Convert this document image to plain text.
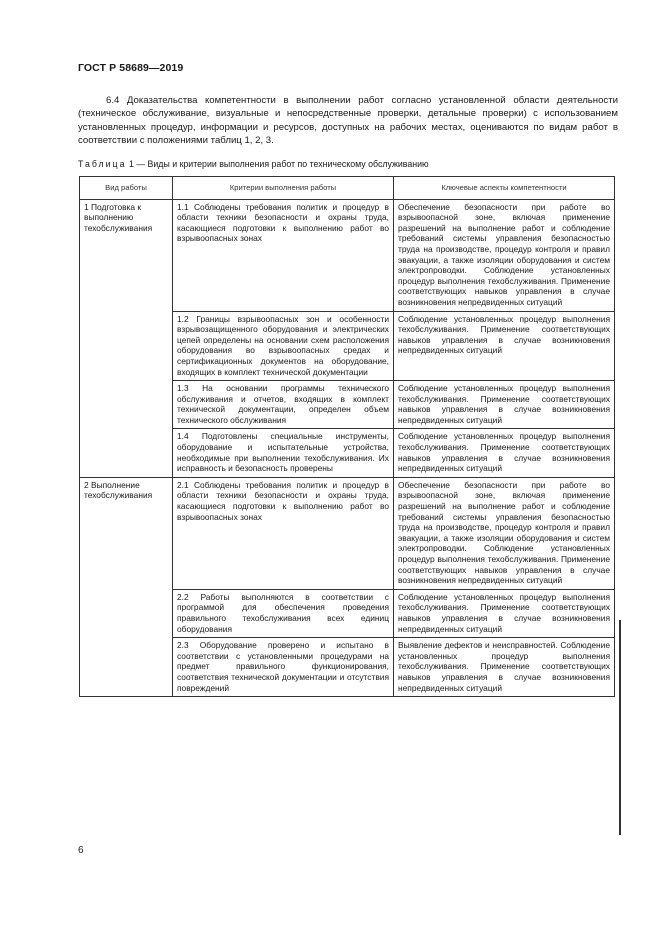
ГОСТ Р 58689—2019

6.4 Доказательства компетентности в выполнении работ согласно установленной области деятельности (техническое обслуживание, визуальные и непосредственные проверки, детальные проверки) с использованием установленных процедур, информации и ресурсов, доступных на рабочих местах, оцениваются по видам работ в соответствии с положениями таблиц 1, 2, 3.

Таблица 1 — Виды и критерии выполнения работ по техническому обслуживанию
Вид работы	Критерии выполнения работы	Ключевые аспекты компетентности
1 Подготовка к выполнению техобслуживания	1.1 Соблюдены требования политик и процедур в области техники безопасности и охраны труда, касающиеся подготовки к выполнению работ во взрывоопасных зонах	Обеспечение безопасности при работе во взрывоопасной зоне, включая применение разрешений на выполнение работ и соблюдение требований системы управления безопасностью труда на производстве, процедур контроля и правил эвакуации, а также изоляции оборудования и систем электропроводки. Соблюдение установленных процедур выполнения техобслуживания. Применение соответствующих навыков управления в случае возникновения непредвиденных ситуаций
	1.2 Границы взрывоопасных зон и особенности взрывозащищенного оборудования и электрических цепей определены на основании схем расположения оборудования во взрывоопасных средах и сертификационных документов на оборудование, входящих в комплект технической документации	Соблюдение установленных процедур выполнения техобслуживания. Применение соответствующих навыков управления в случае возникновения непредвиденных ситуаций
	1.3 На основании программы технического обслуживания и отчетов, входящих в комплект технической документации, определен объем технического обслуживания	Соблюдение установленных процедур выполнения техобслуживания. Применение соответствующих навыков управления в случае возникновения непредвиденных ситуаций
	1.4 Подготовлены специальные инструменты, оборудование и испытательные устройства, необходимые при выполнении техобслуживания. Их исправность и безопасность проверены	Соблюдение установленных процедур выполнения техобслуживания. Применение соответствующих навыков управления в случае возникновения непредвиденных ситуаций
2 Выполнение техобслуживания	2.1 Соблюдены требования политик и процедур в области техники безопасности и охраны труда, касающиеся подготовки к выполнению работ во взрывоопасных зонах	Обеспечение безопасности при работе во взрывоопасной зоне, включая применение разрешений на выполнение работ и соблюдение требований системы управления безопасностью труда на производстве, процедур контроля и правил эвакуации, а также изоляции оборудования и систем электропроводки. Соблюдение установленных процедур выполнения техобслуживания. Применение соответствующих навыков управления в случае возникновения непредвиденных ситуаций
	2.2 Работы выполняются в соответствии с программой для обеспечения проведения правильного техобслуживания всех единиц оборудования	Соблюдение установленных процедур выполнения техобслуживания. Применение соответствующих навыков управления в случае возникновения непредвиденных ситуаций
	2.3 Оборудование проверено и испытано в соответствии с установленными процедурами на предмет правильного функционирования, соответствия технической документации и отсутствия повреждений	Выявление дефектов и неисправностей. Соблюдение установленных процедур выполнения техобслуживания. Применение соответствующих навыков управления в случае возникновения непредвиденных ситуаций
6
